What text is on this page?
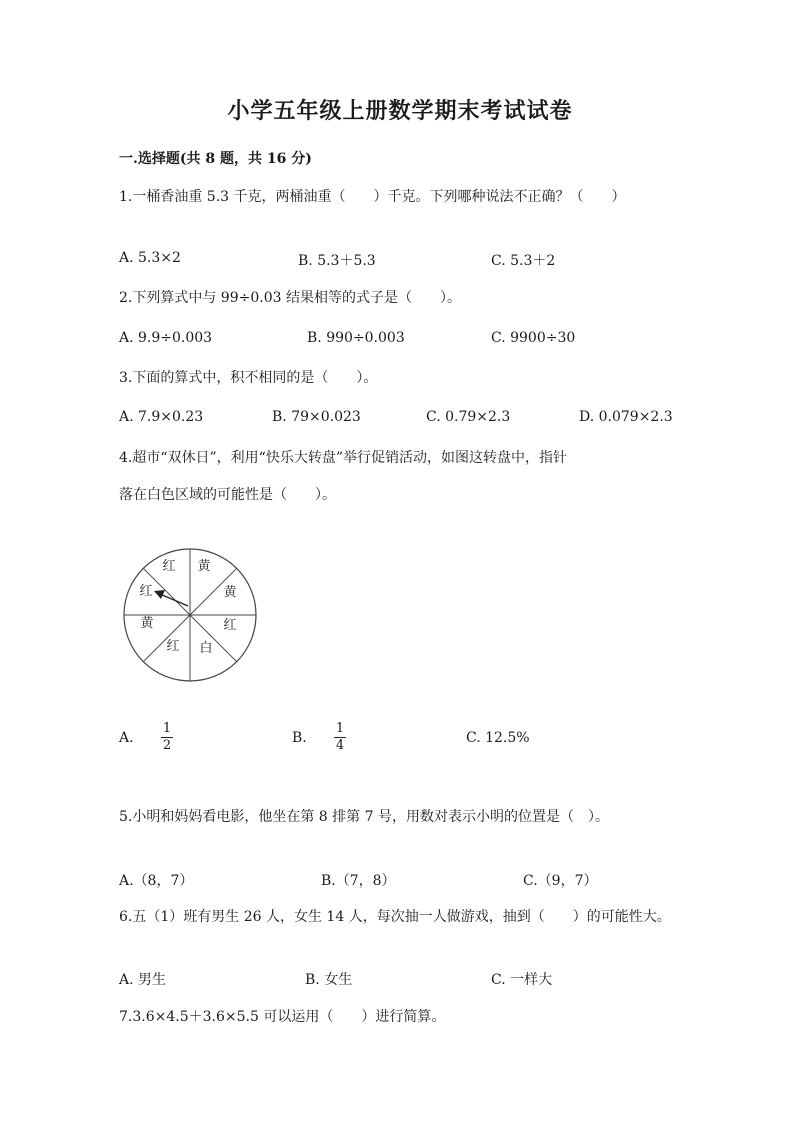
小学五年级上册数学期末考试试卷
一.选择题(共 8 题，共 16 分)
1.一桶香油重 5.3 千克，两桶油重（　　）千克。下列哪种说法不正确？（　　）
A. 5.3×2	B. 5.3＋5.3	C. 5.3＋2
2.下列算式中与 99÷0.03 结果相等的式子是（　　）。
A. 9.9÷0.003	B. 990÷0.003	C. 9900÷30
3.下面的算式中，积不相同的是（　　）。
A. 7.9×0.23	B. 79×0.023	C. 0.79×2.3	D. 0.079×2.3
4.超市“双休日”，利用“快乐大转盘”举行促销活动，如图这转盘中，指针
落在白色区域的可能性是（　　）。
红 黄
黄
红
白
红
黄
红
A.
1
2	B.
1
4	C. 12.5%
5.小明和妈妈看电影，他坐在第 8 排第 7 号，用数对表示小明的位置是（　）。
A.（8，7）	B.（7，8）	C.（9，7）
6.五（1）班有男生 26 人，女生 14 人，每次抽一人做游戏，抽到（　　）的可能性大。
A. 男生	B. 女生	C. 一样大
7.3.6×4.5＋3.6×5.5 可以运用（　　）进行简算。
